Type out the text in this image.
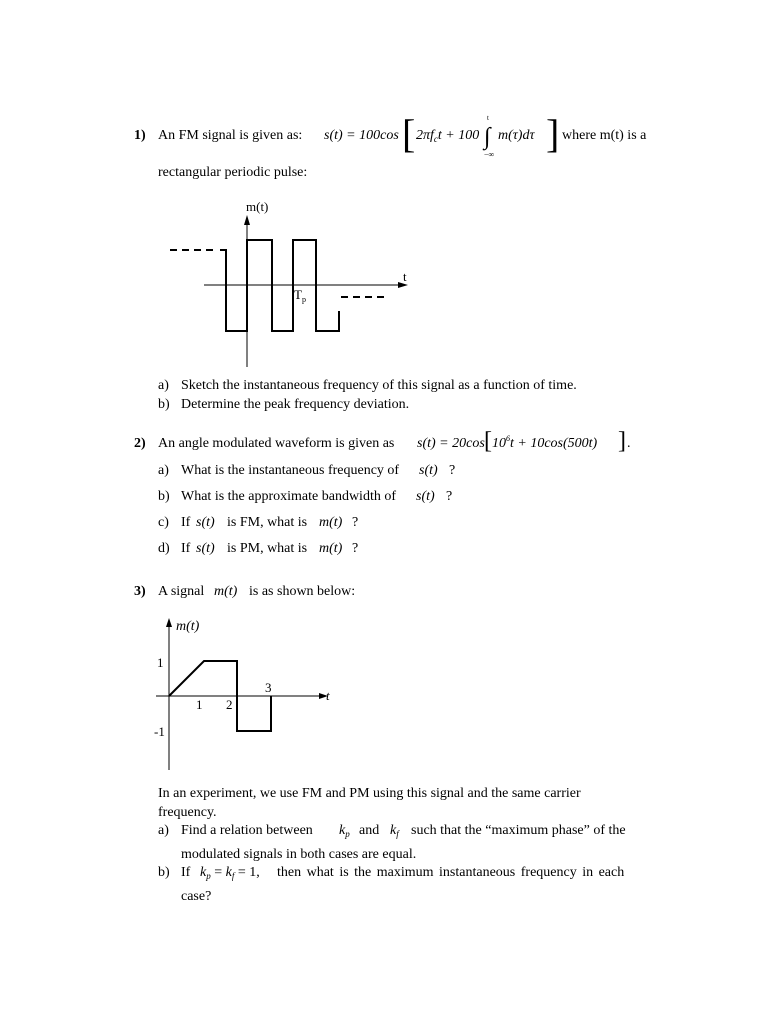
1) An FM signal is given as: s(t) = 100cos [ $2\pi f_ct + 100$ ∫
t
−∞
m(τ)dτ ] where m(t) is a
rectangular periodic pulse:
m(t)
t
$T_p$
a) Sketch the instantaneous frequency of this signal as a function of time.
b) Determine the peak frequency deviation.
2) An angle modulated waveform is given as s(t) = 20cos [ $10^6t + 10\cos(500t)$ ] .
a) What is the instantaneous frequency of s(t) ?
b) What is the approximate bandwidth of s(t) ?
c) If s(t) is FM, what is m(t) ?
d) If s(t) is PM, what is m(t) ?
3) A signal m(t) is as shown below:
m(t)
t
1
-1
1 2
3
In an experiment, we use FM and PM using this signal and the same carrier
frequency.
a) Find a relation between $k_p$ and $k_f$ such that the “maximum phase” of the
modulated signals in both cases are equal.
b) If $k_p = k_f = 1$, then what is the maximum instantaneous frequency in each
case?
